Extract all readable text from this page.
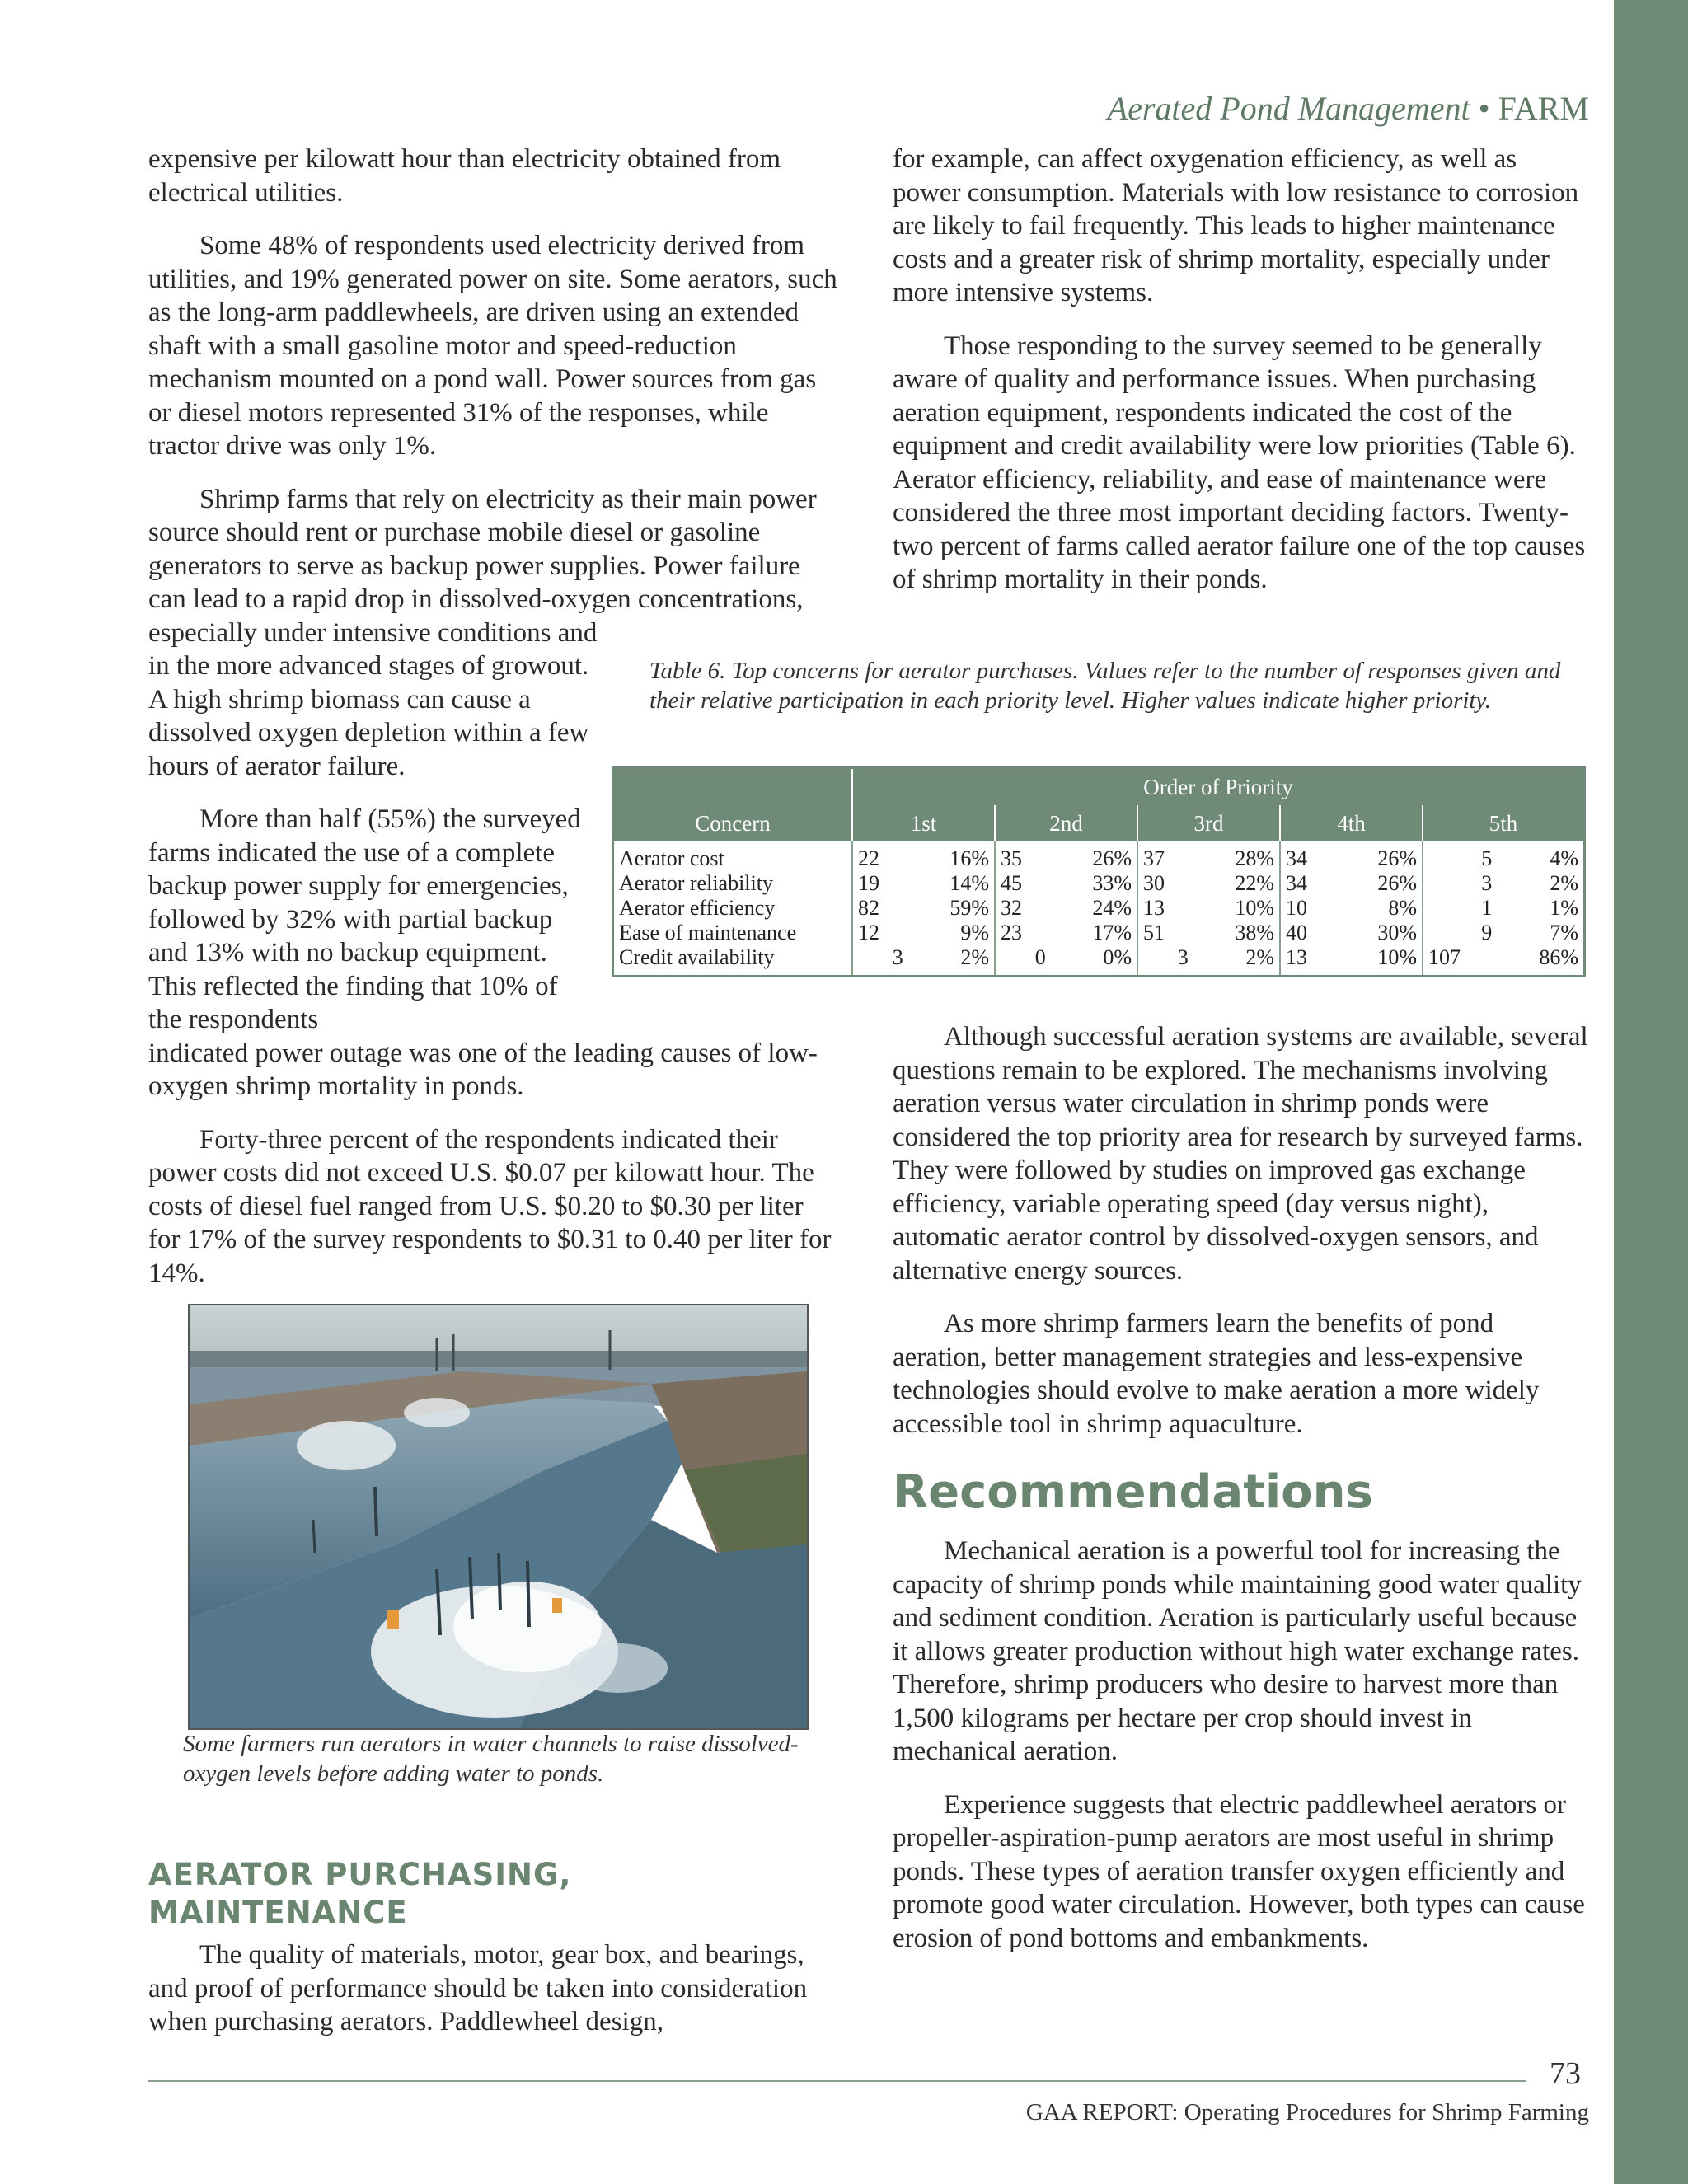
Aerated Pond Management • FARM

expensive per kilowatt hour than electricity obtained from electrical utilities.

Some 48% of respondents used electricity derived from utilities, and 19% generated power on site. Some aerators, such as the long-arm paddlewheels, are driven using an extended shaft with a small gasoline motor and speed-reduction mechanism mounted on a pond wall. Power sources from gas or diesel motors represented 31% of the responses, while tractor drive was only 1%.

Shrimp farms that rely on electricity as their main power source should rent or purchase mobile diesel or gasoline generators to serve as backup power supplies. Power failure can lead to a rapid drop in dissolved-oxygen concentrations, especially under intensive conditions and

in the more advanced stages of growout. A high shrimp biomass can cause a dissolved oxygen depletion within a few hours of aerator failure.

More than half (55%) the surveyed farms indicated the use of a complete backup power supply for emergencies, followed by 32% with partial backup and 13% with no backup equipment. This reflected the finding that 10% of the respondents

indicated power outage was one of the leading causes of low-oxygen shrimp mortality in ponds.

Forty-three percent of the respondents indicated their power costs did not exceed U.S. $0.07 per kilowatt hour. The costs of diesel fuel ranged from U.S. $0.20 to $0.30 per liter for 17% of the survey respondents to $0.31 to 0.40 per liter for 14%.

for example, can affect oxygenation efficiency, as well as power consumption. Materials with low resistance to corrosion are likely to fail frequently. This leads to higher maintenance costs and a greater risk of shrimp mortality, especially under more intensive systems.

Those responding to the survey seemed to be generally aware of quality and performance issues. When purchasing aeration equipment, respondents indicated the cost of the equipment and credit availability were low priorities (Table 6). Aerator efficiency, reliability, and ease of maintenance were considered the three most important deciding factors. Twenty-two percent of farms called aerator failure one of the top causes of shrimp mortality in their ponds.

Table 6. Top concerns for aerator purchases. Values refer to the number of responses given and their relative participation in each priority level. Higher values indicate higher priority.
	Order of Priority									
Concern	1st		2nd		3rd		4th		5th	
Aerator cost	22	16%	35	26%	37	28%	34	26%	5	4%
Aerator reliability	19	14%	45	33%	30	22%	34	26%	3	2%
Aerator efficiency	82	59%	32	24%	13	10%	10	8%	1	1%
Ease of maintenance	12	9%	23	17%	51	38%	40	30%	9	7%
Credit availability	3	2%	0	0%	3	2%	13	10%	107	86%

Although successful aeration systems are available, several questions remain to be explored. The mechanisms involving aeration versus water circulation in shrimp ponds were considered the top priority area for research by surveyed farms. They were followed by studies on improved gas exchange efficiency, variable operating speed (day versus night), automatic aerator control by dissolved-oxygen sensors, and alternative energy sources.

As more shrimp farmers learn the benefits of pond aeration, better management strategies and less-expensive technologies should evolve to make aeration a more widely accessible tool in shrimp aquaculture.

Some farmers run aerators in water channels to raise dissolved-oxygen levels before adding water to ponds.
AERATOR PURCHASING, MAINTENANCE

The quality of materials, motor, gear box, and bearings, and proof of performance should be taken into consideration when purchasing aerators. Paddlewheel design,

Recommendations

Mechanical aeration is a powerful tool for increasing the capacity of shrimp ponds while maintaining good water quality and sediment condition. Aeration is particularly useful because it allows greater production without high water exchange rates. Therefore, shrimp producers who desire to harvest more than 1,500 kilograms per hectare per crop should invest in mechanical aeration.

Experience suggests that electric paddlewheel aerators or propeller-aspiration-pump aerators are most useful in shrimp ponds. These types of aeration transfer oxygen efficiently and promote good water circulation. However, both types can cause erosion of pond bottoms and embankments.

73
GAA REPORT: Operating Procedures for Shrimp Farming
